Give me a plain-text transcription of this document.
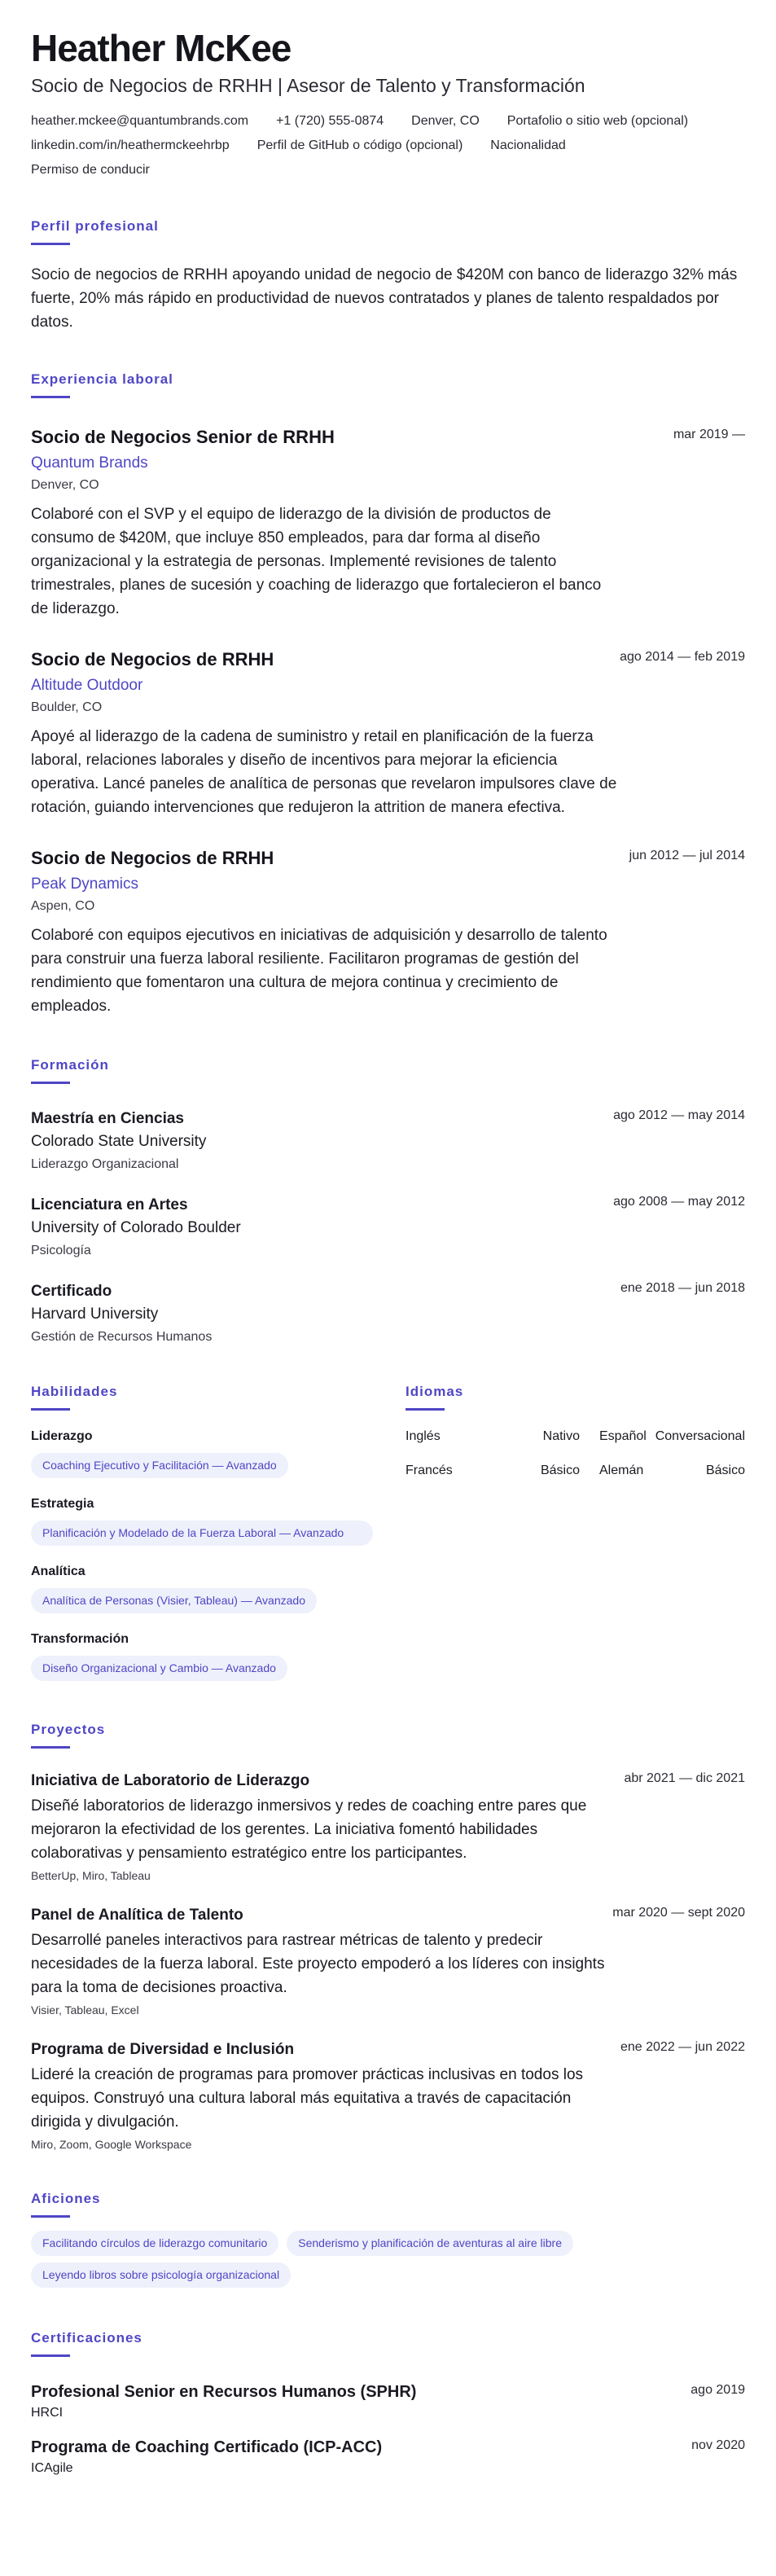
Heather McKee
Socio de Negocios de RRHH | Asesor de Talento y Transformación
heather.mckee@quantumbrands.com +1 (720) 555-0874 Denver, CO Portafolio o sitio web (opcional)
linkedin.com/in/heathermckeehrbp Perfil de GitHub o código (opcional) Nacionalidad
Permiso de conducir
Perfil profesional
Socio de negocios de RRHH apoyando unidad de negocio de $420M con banco de liderazgo 32% más fuerte, 20% más rápido en productividad de nuevos contratados y planes de talento respaldados por datos.
Experiencia laboral
Socio de Negocios Senior de RRHH	mar 2019 —
Quantum Brands
Denver, CO
Colaboré con el SVP y el equipo de liderazgo de la división de productos de consumo de $420M, que incluye 850 empleados, para dar forma al diseño organizacional y la estrategia de personas. Implementé revisiones de talento trimestrales, planes de sucesión y coaching de liderazgo que fortalecieron el banco de liderazgo.
Socio de Negocios de RRHH	ago 2014 — feb 2019
Altitude Outdoor
Boulder, CO
Apoyé al liderazgo de la cadena de suministro y retail en planificación de la fuerza laboral, relaciones laborales y diseño de incentivos para mejorar la eficiencia operativa. Lancé paneles de analítica de personas que revelaron impulsores clave de rotación, guiando intervenciones que redujeron la attrition de manera efectiva.
Socio de Negocios de RRHH	jun 2012 — jul 2014
Peak Dynamics
Aspen, CO
Colaboré con equipos ejecutivos en iniciativas de adquisición y desarrollo de talento para construir una fuerza laboral resiliente. Facilitaron programas de gestión del rendimiento que fomentaron una cultura de mejora continua y crecimiento de empleados.
Formación
Maestría en Ciencias	ago 2012 — may 2014
Colorado State University
Liderazgo Organizacional
Licenciatura en Artes	ago 2008 — may 2012
University of Colorado Boulder
Psicología
Certificado	ene 2018 — jun 2018
Harvard University
Gestión de Recursos Humanos
Habilidades
Liderazgo
Coaching Ejecutivo y Facilitación — Avanzado
Estrategia
Planificación y Modelado de la Fuerza Laboral — Avanzado
Analítica
Analítica de Personas (Visier, Tableau) — Avanzado
Transformación
Diseño Organizacional y Cambio — Avanzado
Idiomas
Inglés	Nativo Español Conversacional
Francés	Básico Alemán	Básico
Proyectos
Iniciativa de Laboratorio de Liderazgo	abr 2021 — dic 2021
Diseñé laboratorios de liderazgo inmersivos y redes de coaching entre pares que mejoraron la efectividad de los gerentes. La iniciativa fomentó habilidades colaborativas y pensamiento estratégico entre los participantes.
BetterUp, Miro, Tableau
Panel de Analítica de Talento	mar 2020 — sept 2020
Desarrollé paneles interactivos para rastrear métricas de talento y predecir necesidades de la fuerza laboral. Este proyecto empoderó a los líderes con insights para la toma de decisiones proactiva.
Visier, Tableau, Excel
Programa de Diversidad e Inclusión	ene 2022 — jun 2022
Lideré la creación de programas para promover prácticas inclusivas en todos los equipos. Construyó una cultura laboral más equitativa a través de capacitación dirigida y divulgación.
Miro, Zoom, Google Workspace
Aficiones
Facilitando círculos de liderazgo comunitario	Senderismo y planificación de aventuras al aire libre
Leyendo libros sobre psicología organizacional
Certificaciones
Profesional Senior en Recursos Humanos (SPHR)	ago 2019
HRCI
Programa de Coaching Certificado (ICP-ACC)	nov 2020
ICAgile
